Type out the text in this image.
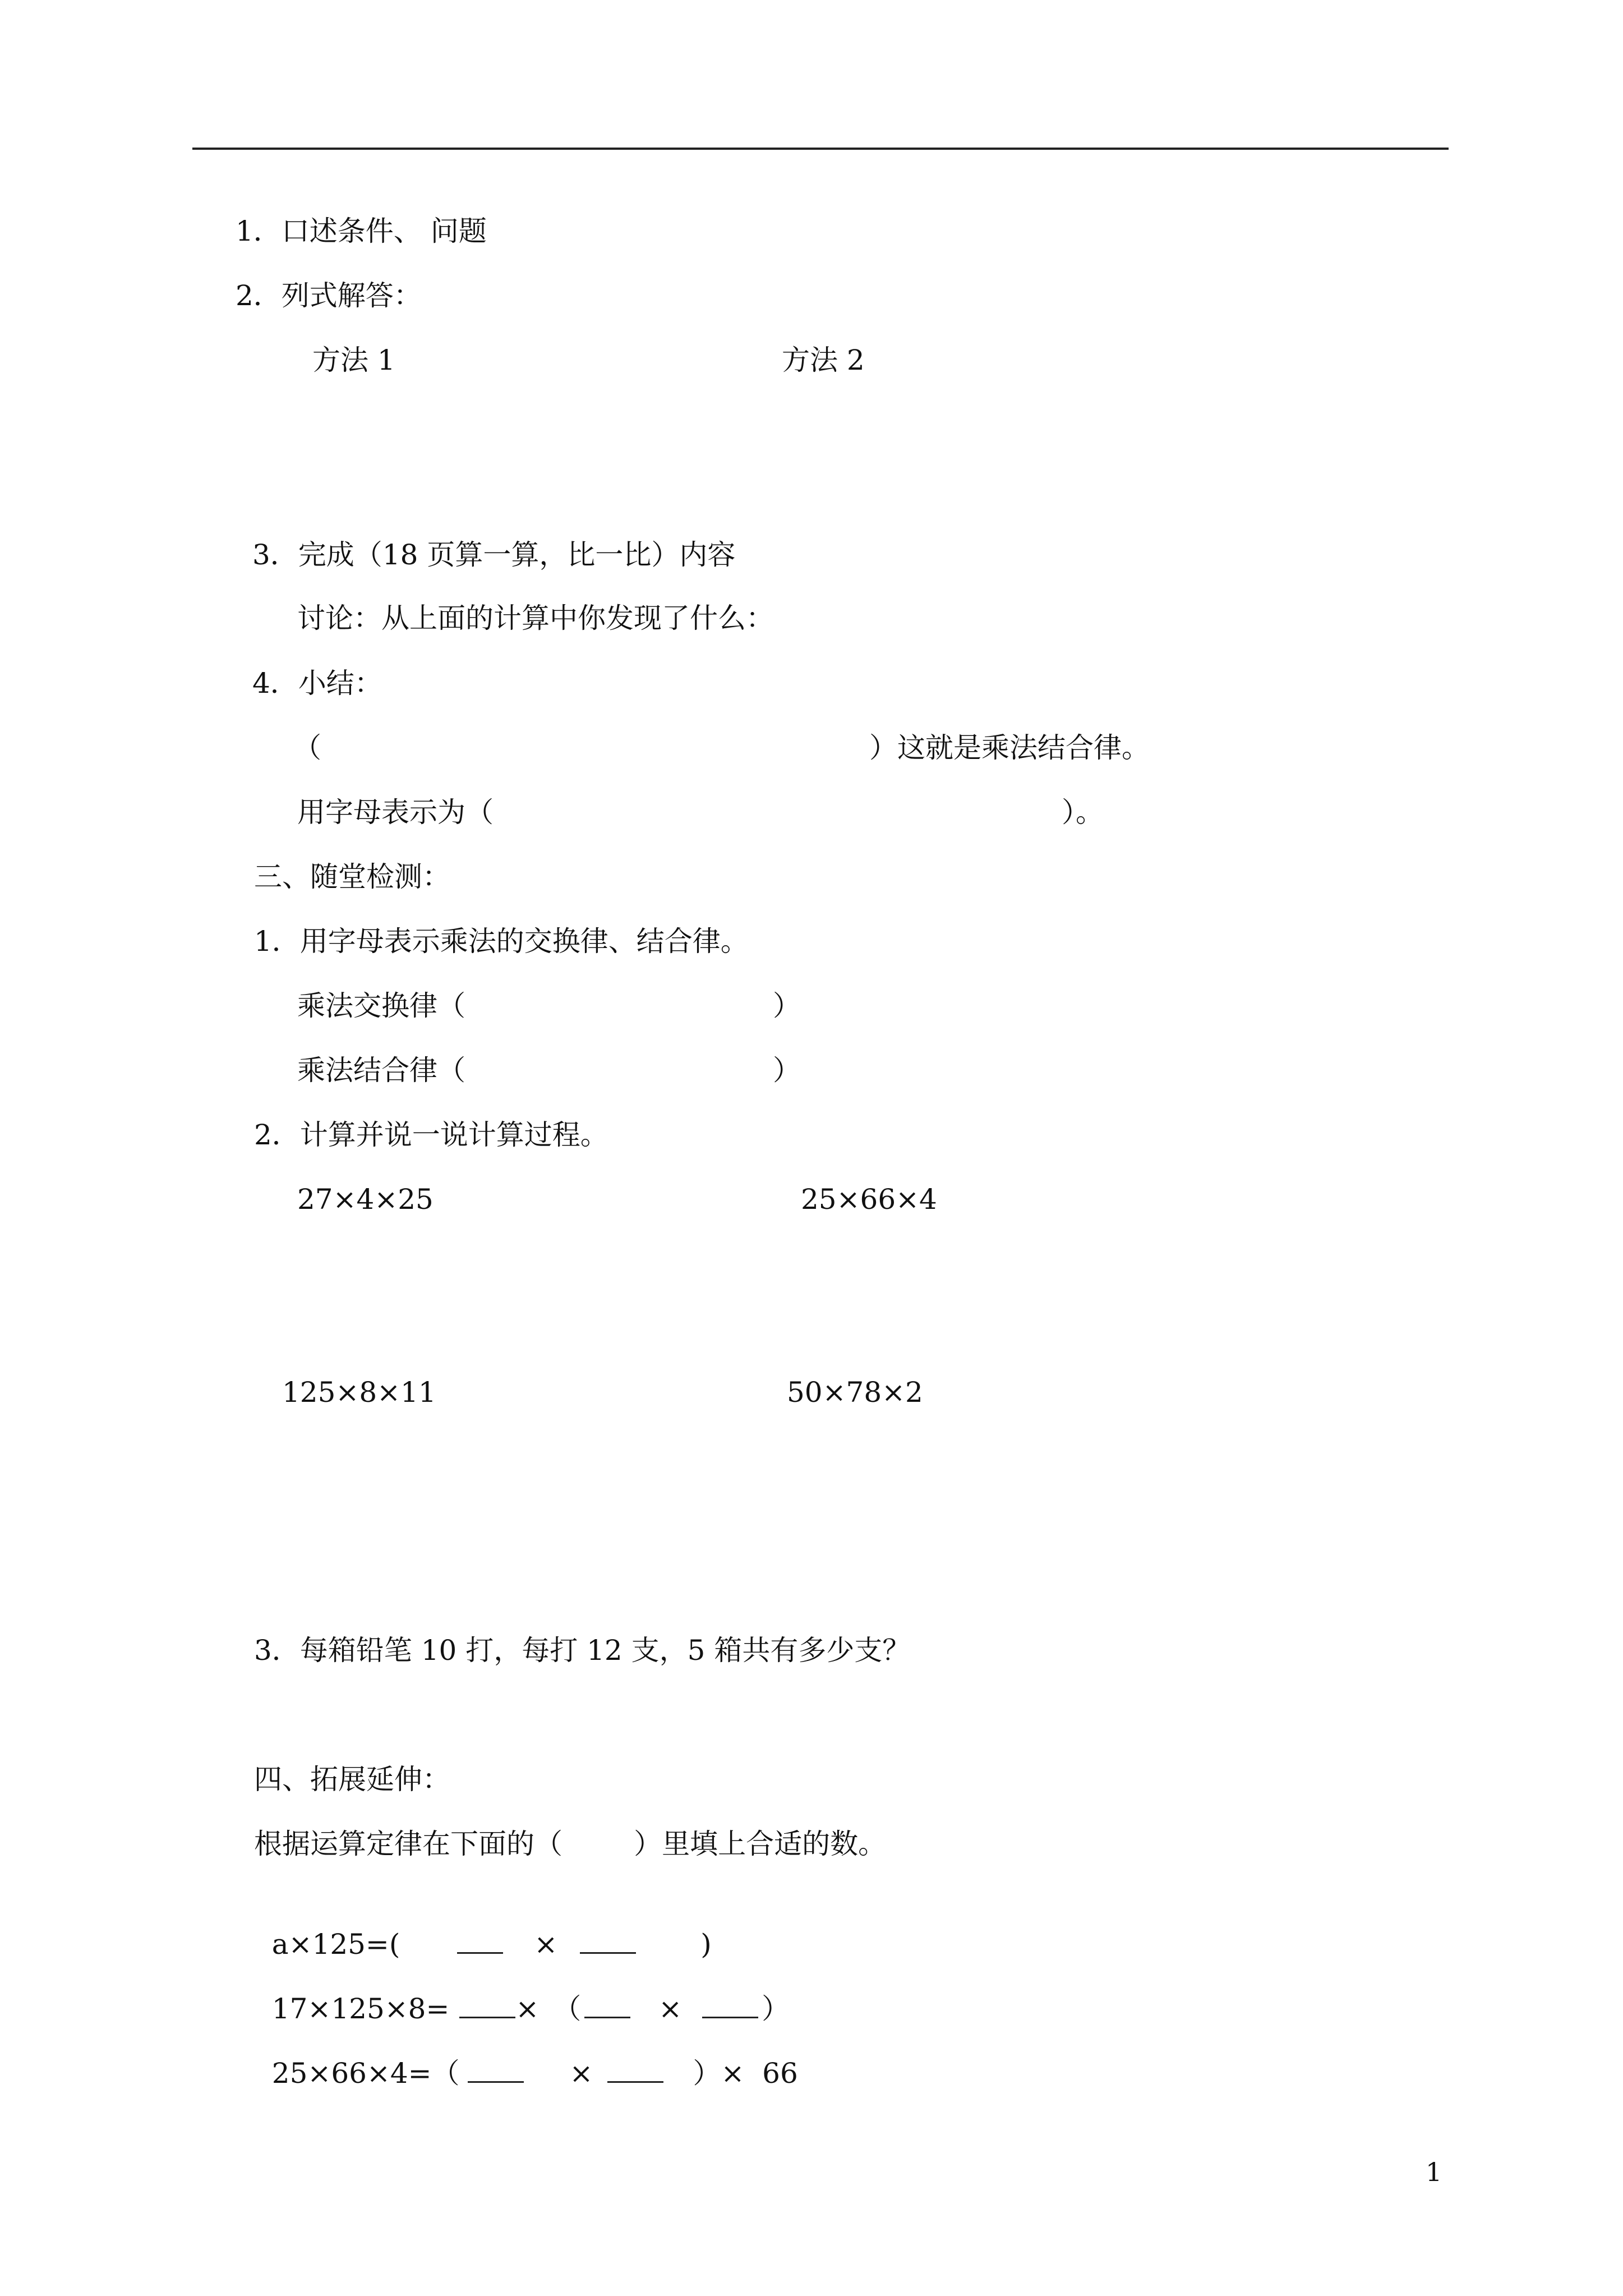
1．口述条件、 问题
2．列式解答：
方法 1	方法 2
3．完成（18 页算一算，比一比）内容
讨论：从上面的计算中你发现了什么：
4．小结：
（	）这就是乘法结合律。
用字母表示为（	）。
三、随堂检测：
1．用字母表示乘法的交换律、结合律。
乘法交换律（	）
乘法结合律（	）
2．计算并说一说计算过程。
27×4×25	25×66×4
125×8×11	50×78×2
3．每箱铅笔 10 打，每打 12 支，5 箱共有多少支？
四、拓展延伸：
根据运算定律在下面的（        ）里填上合适的数。

a×125=(	×	)

17×125×8= × （	×	）

25×66×4=（	×	）×  66

1
